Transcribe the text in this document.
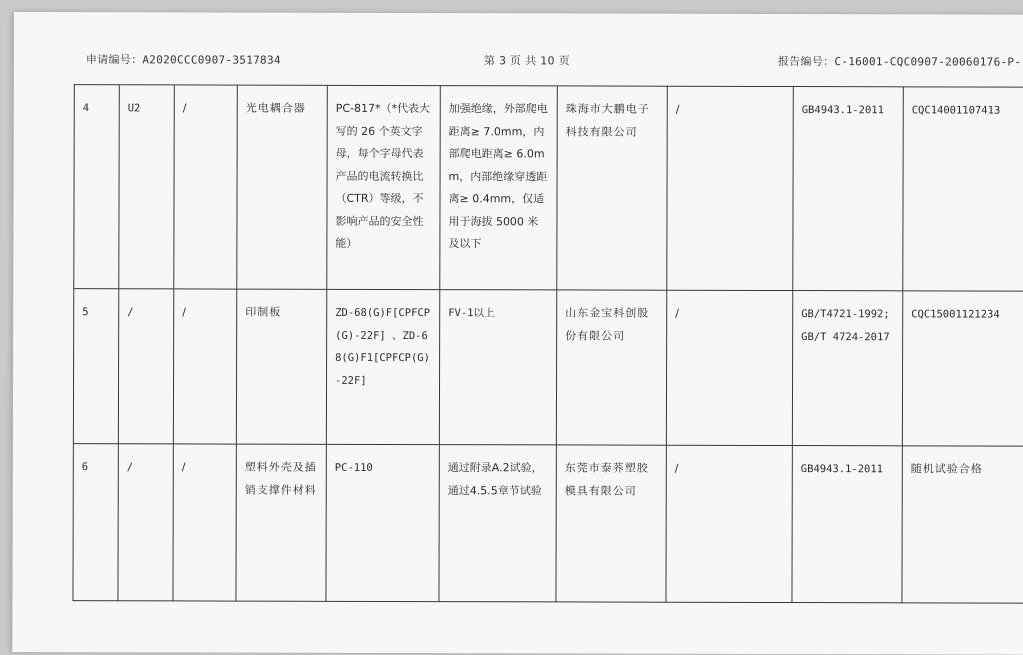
申请编号：A2020CCC0907-3517834	第 3 页 共 10 页	报告编号：C-16001-CQC0907-20060176-P-
4	U2	/	光电耦合器	PC-817*（*代表大写的 26 个英文字母，每个字母代表产品的电流转换比（CTR）等级，不影响产品的安全性能）	加强绝缘，外部爬电距离≥ 7.0mm，内部爬电距离≥ 6.0mm，内部绝缘穿透距离≥ 0.4mm，仅适用于海拔 5000 米及以下	珠海市大鹏电子科技有限公司	/	GB4943.1-2011	CQC14001107413
5	/	/	印制板	ZD-68(G)F[CPFCP(G)-22F] 、ZD-68(G)F1[CPFCP(G)-22F]	FV-1以上	山东金宝科创股份有限公司	/	GB/T4721-1992; GB/T 4724-2017	CQC15001121234
6	/	/	塑料外壳及插销支撑件材料	PC-110	通过附录A.2试验，通过4.5.5章节试验	东莞市泰荞塑胶模具有限公司	/	GB4943.1-2011	随机试验合格
